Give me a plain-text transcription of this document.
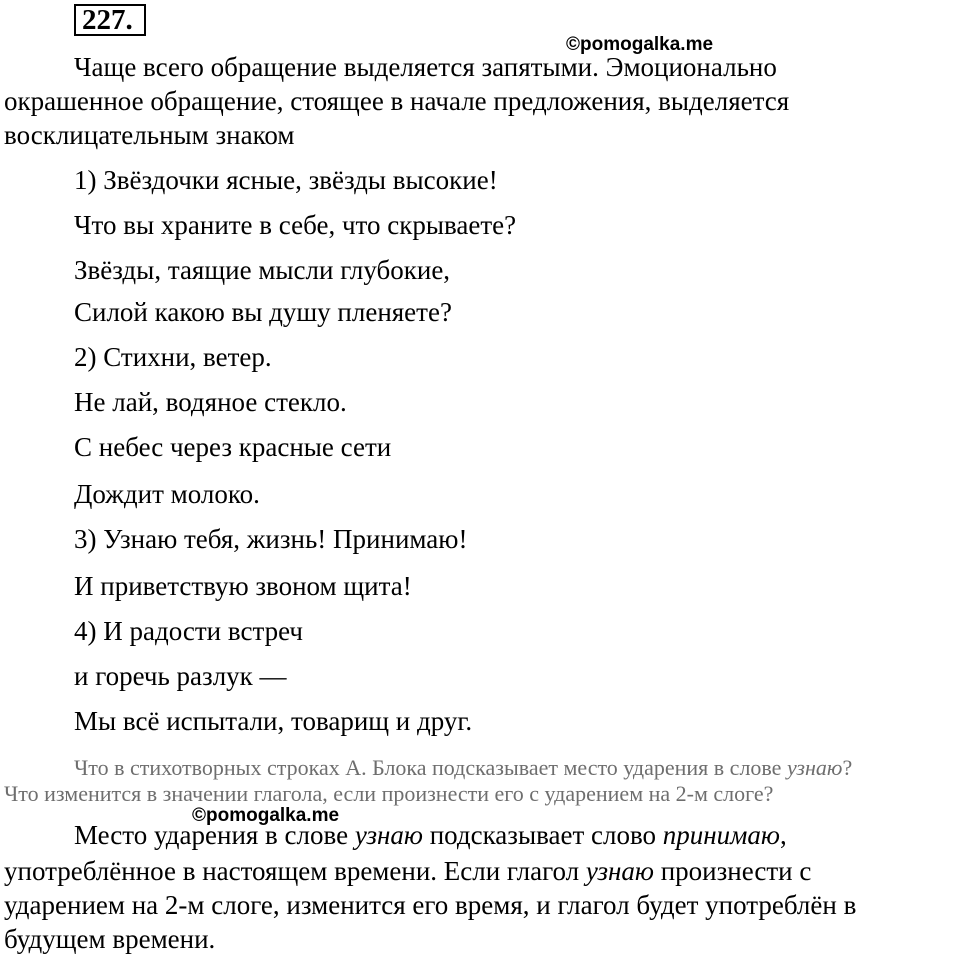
227.
©pomogalka.me
Чаще всего обращение выделяется запятыми. Эмоционально
окрашенное обращение, стоящее в начале предложения, выделяется
восклицательным знаком
1) Звёздочки ясные, звёзды высокие!
Что вы храните в себе, что скрываете?
Звёзды, таящие мысли глубокие,
Силой какою вы душу пленяете?
2) Стихни, ветер.
Не лай, водяное стекло.
С небес через красные сети
Дождит молоко.
3) Узнаю тебя, жизнь! Принимаю!
И приветствую звоном щита!
4) И радости встреч
и горечь разлук —
Мы всё испытали, товарищ и друг.
Что в стихотворных строках А. Блока подсказывает место ударения в слове узнаю?
Что изменится в значении глагола, если произнести его с ударением на 2-м слоге?
©pomogalka.me
Место ударения в слове узнаю подсказывает слово принимаю,
употреблённое в настоящем времени. Если глагол узнаю произнести с
ударением на 2-м слоге, изменится его время, и глагол будет употреблён в
будущем времени.
